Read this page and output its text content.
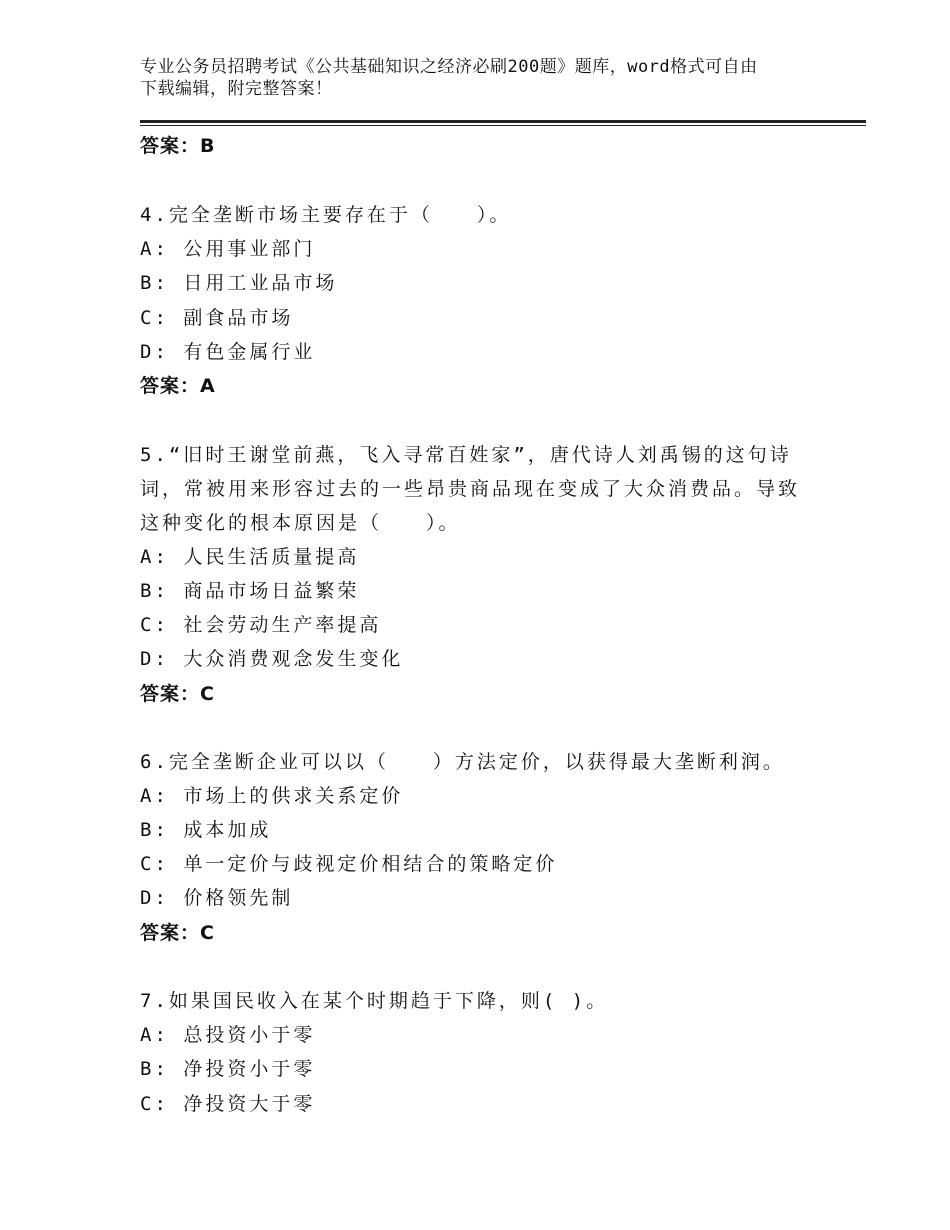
专业公务员招聘考试《公共基础知识之经济必刷200题》题库，word格式可自由
下载编辑，附完整答案！
答案：B
4.完全垄断市场主要存在于（　　）。
A: 公用事业部门
B: 日用工业品市场
C: 副食品市场
D: 有色金属行业
答案：A
5.“旧时王谢堂前燕，飞入寻常百姓家”，唐代诗人刘禹锡的这句诗
词，常被用来形容过去的一些昂贵商品现在变成了大众消费品。导致
这种变化的根本原因是（　　）。
A: 人民生活质量提高
B: 商品市场日益繁荣
C: 社会劳动生产率提高
D: 大众消费观念发生变化
答案：C
6.完全垄断企业可以以（　　）方法定价，以获得最大垄断利润。
A: 市场上的供求关系定价
B: 成本加成
C: 单一定价与歧视定价相结合的策略定价
D: 价格领先制
答案：C
7.如果国民收入在某个时期趋于下降，则( )。
A: 总投资小于零
B: 净投资小于零
C: 净投资大于零
